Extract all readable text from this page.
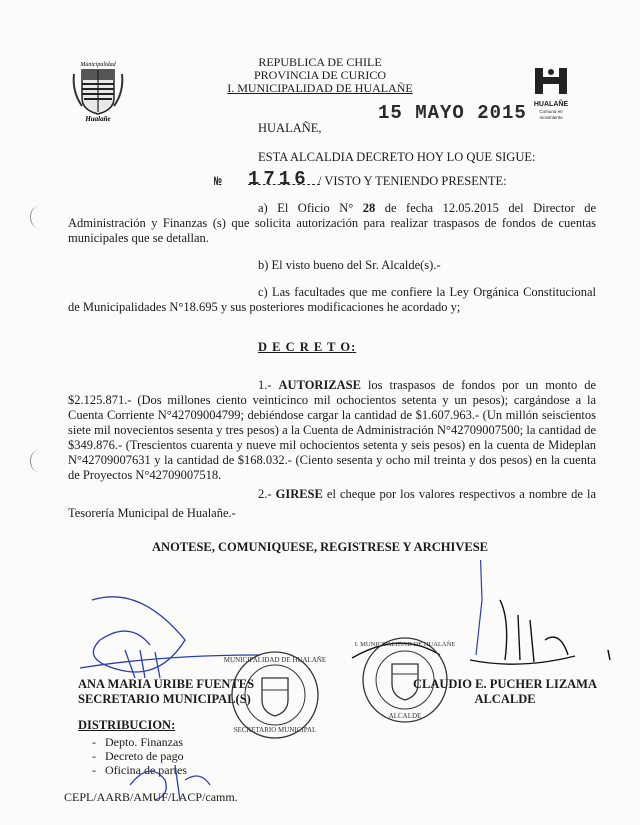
Municipalidad
Hualañe
REPUBLICA DE CHILE
PROVINCIA DE CURICO
I. MUNICIPALIDAD DE HUALAÑE
HUALAÑE
Comuna en movimiento
15 MAYO 2015
HUALAÑE,
ESTA ALCALDIA DECRETO HOY LO QUE SIGUE:
№ 1716 / VISTO Y TENIENDO PRESENTE:
a) El Oficio N° 28 de fecha 12.05.2015 del Director de Administración y Finanzas (s) que solicita autorización para realizar traspasos de fondos de cuentas municipales que se detallan.
b) El visto bueno del Sr. Alcalde(s).-
c) Las facultades que me confiere la Ley Orgánica Constitucional de Municipalidades N°18.695 y sus posteriores modificaciones he acordado y;
D E C R E T O:
1.- AUTORIZASE los traspasos de fondos por un monto de $2.125.871.- (Dos millones ciento veinticinco mil ochocientos setenta y un pesos); cargándose a la Cuenta Corriente N°42709004799; debiéndose cargar la cantidad de $1.607.963.- (Un millón seiscientos siete mil novecientos sesenta y tres pesos) a la Cuenta de Administración N°42709007500; la cantidad de $349.876.- (Trescientos cuarenta y nueve mil ochocientos setenta y seis pesos) en la cuenta de Mideplan N°42709007631 y la cantidad de $168.032.- (Ciento sesenta y ocho mil treinta y dos pesos) en la cuenta de Proyectos N°42709007518.
2.- GIRESE el cheque por los valores respectivos a nombre de la Tesorería Municipal de Hualañe.-
ANOTESE, COMUNIQUESE, REGISTRESE Y ARCHIVESE
MUNICIPALIDAD DE HUALAÑE
SECRETARIO MUNICIPAL
I. MUNICIPALIDAD DE HUALAÑE
ALCALDE
ANA MARIA URIBE FUENTES
SECRETARIO MUNICIPAL(S)
CLAUDIO E. PUCHER LIZAMA
ALCALDE
DISTRIBUCION:
-   Depto. Finanzas
-   Decreto de pago
-   Oficina de partes
CEPL/AARB/AMUF/LACP/camm.
